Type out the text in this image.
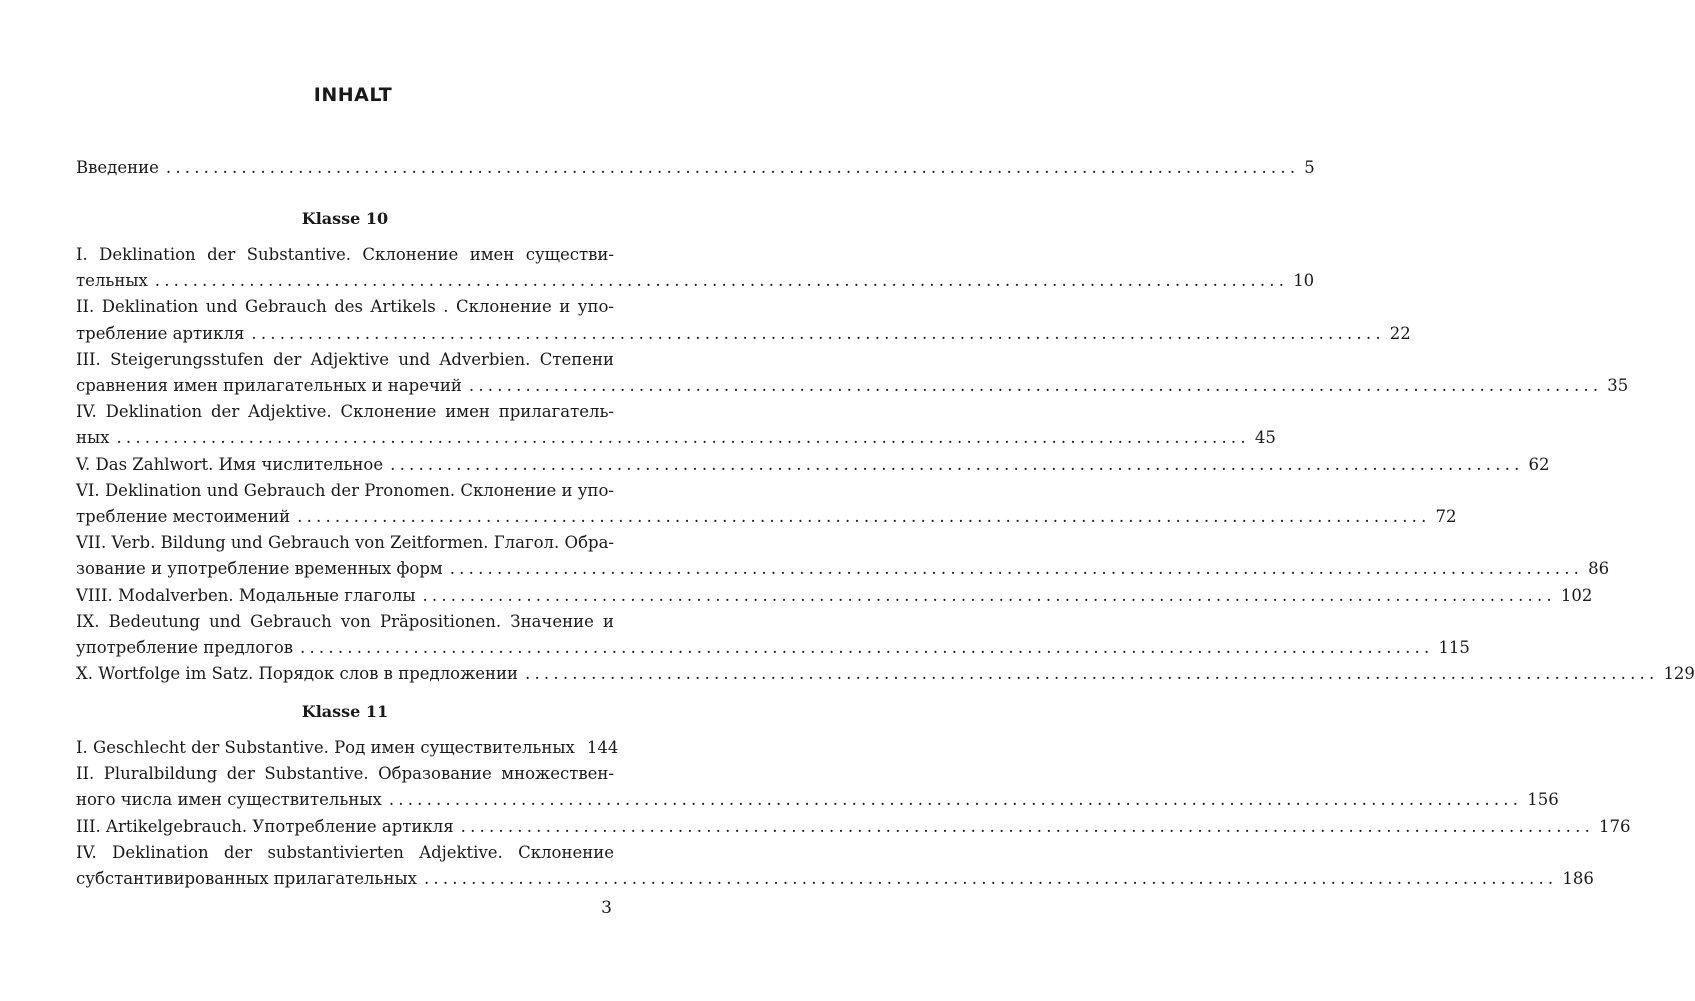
INHALT
Введение ........................................................................................................................ 5
Klasse 10
I. Deklination der Substantive. Склонение имен существи-
тельных ........................................................................................................................ 10
II. Deklination und Gebrauch des Artikels . Склонение и упо-
требление артикля ........................................................................................................................ 22
III. Steigerungsstufen der Adjektive und Adverbien. Степени
сравнения имен прилагательных и наречий ........................................................................................................................ 35
IV. Deklination der Adjektive. Склонение имен прилагатель-
ных ........................................................................................................................ 45
V. Das Zahlwort. Имя числительное ........................................................................................................................ 62
VI. Deklination und Gebrauch der Pronomen. Склонение и упо-
требление местоимений ........................................................................................................................ 72
VII. Verb. Bildung und Gebrauch von Zeitformen. Глагол. Обра-
зование и употребление временных форм ........................................................................................................................ 86
VIII. Modalverben. Модальные глаголы ........................................................................................................................ 102
IX. Bedeutung und Gebrauch von Präpositionen. Значение и
употребление предлогов ........................................................................................................................ 115
X. Wortfolge im Satz. Порядок слов в предложении ........................................................................................................................ 129
Klasse 11
I. Geschlecht der Substantive. Род имен существительных 144
II. Pluralbildung der Substantive. Образование множествен-
ного числа имен существительных ........................................................................................................................ 156
III. Artikelgebrauch. Употребление артикля ........................................................................................................................ 176
IV. Deklination der substantivierten Adjektive. Склонение
субстантивированных прилагательных ........................................................................................................................ 186
3
